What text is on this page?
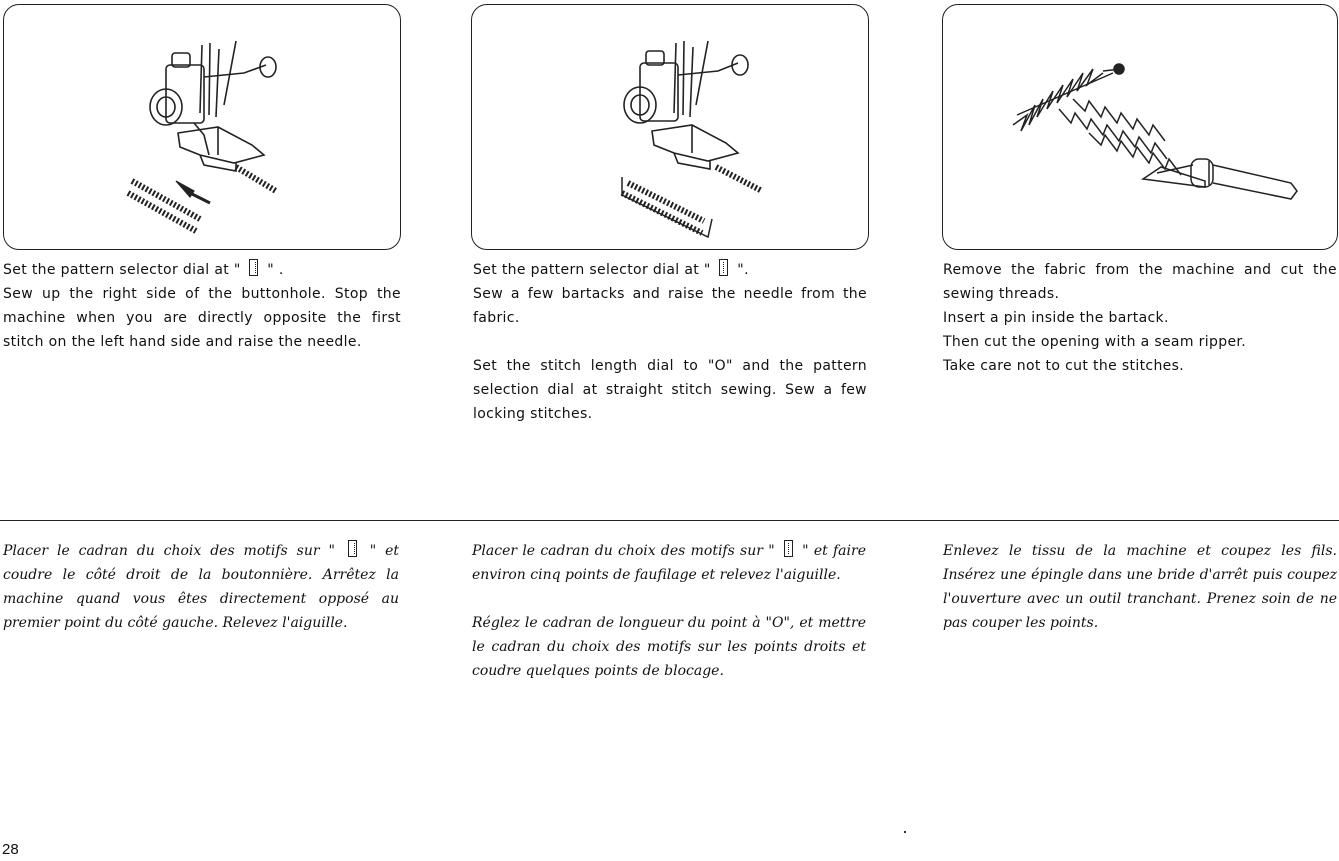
Set the pattern selector dial at "  " .
Sew up the right side of the buttonhole. Stop the machine when you are directly opposite the first stitch on the left hand side and raise the needle.

Set the pattern selector dial at "  ".
Sew a few bartacks and raise the needle from the fabric.

Set the stitch length dial to "O" and the pattern selection dial at straight stitch sewing. Sew a few locking stitches.

Remove the fabric from the machine and cut the sewing threads.
Insert a pin inside the bartack.
Then cut the opening with a seam ripper.
Take care not to cut the stitches.

Placer le cadran du choix des motifs sur "  " et coudre le côté droit de la boutonnière. Arrêtez la machine quand vous êtes directement opposé au premier point du côté gauche. Relevez l'aiguille.

Placer le cadran du choix des motifs sur "  " et faire environ cinq points de faufilage et relevez l'aiguille.

Réglez le cadran de longueur du point à "O", et mettre le cadran du choix des motifs sur les points droits et coudre quelques points de blocage.

Enlevez le tissu de la machine et coupez les fils. Insérez une épingle dans une bride d'arrêt puis coupez l'ouverture avec un outil tranchant. Prenez soin de ne pas couper les points.

28
